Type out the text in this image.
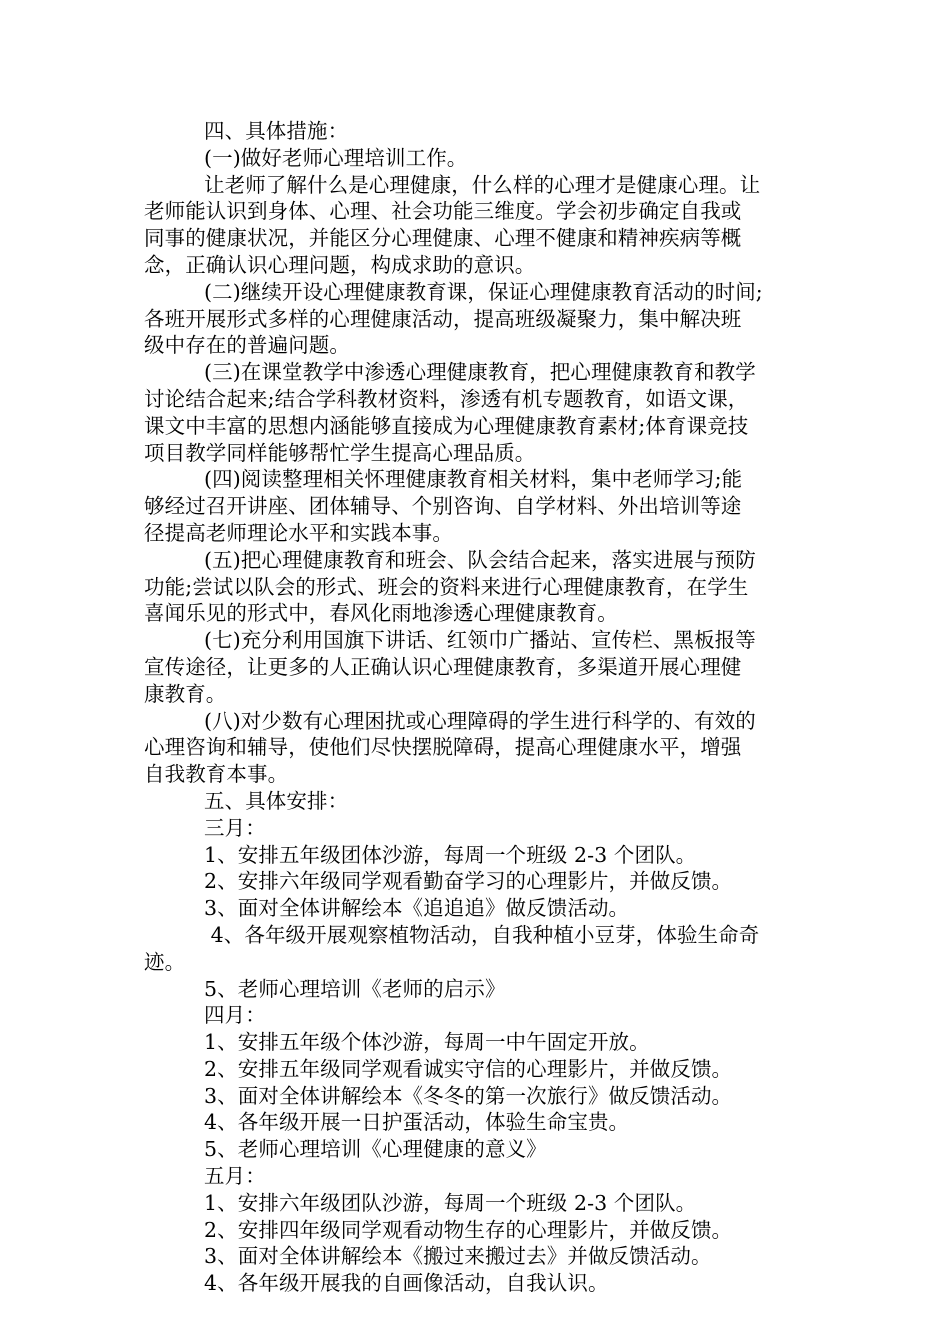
四、具体措施：
(一)做好老师心理培训工作。
让老师了解什么是心理健康，什么样的心理才是健康心理。让
老师能认识到身体、心理、社会功能三维度。学会初步确定自我或
同事的健康状况，并能区分心理健康、心理不健康和精神疾病等概
念，正确认识心理问题，构成求助的意识。
(二)继续开设心理健康教育课，保证心理健康教育活动的时间;
各班开展形式多样的心理健康活动，提高班级凝聚力，集中解决班
级中存在的普遍问题。
(三)在课堂教学中渗透心理健康教育，把心理健康教育和教学
讨论结合起来;结合学科教材资料，渗透有机专题教育，如语文课，
课文中丰富的思想内涵能够直接成为心理健康教育素材;体育课竞技
项目教学同样能够帮忙学生提高心理品质。
(四)阅读整理相关怀理健康教育相关材料，集中老师学习;能
够经过召开讲座、团体辅导、个别咨询、自学材料、外出培训等途
径提高老师理论水平和实践本事。
(五)把心理健康教育和班会、队会结合起来，落实进展与预防
功能;尝试以队会的形式、班会的资料来进行心理健康教育，在学生
喜闻乐见的形式中，春风化雨地渗透心理健康教育。
(七)充分利用国旗下讲话、红领巾广播站、宣传栏、黑板报等
宣传途径，让更多的人正确认识心理健康教育，多渠道开展心理健
康教育。
(八)对少数有心理困扰或心理障碍的学生进行科学的、有效的
心理咨询和辅导，使他们尽快摆脱障碍，提高心理健康水平，增强
自我教育本事。
五、具体安排：
三月：
1、安排五年级团体沙游，每周一个班级 2-3 个团队。
2、安排六年级同学观看勤奋学习的心理影片，并做反馈。
3、面对全体讲解绘本《追追追》做反馈活动。
4、各年级开展观察植物活动，自我种植小豆芽，体验生命奇
迹。
5、老师心理培训《老师的启示》
四月：
1、安排五年级个体沙游，每周一中午固定开放。
2、安排五年级同学观看诚实守信的心理影片，并做反馈。
3、面对全体讲解绘本《冬冬的第一次旅行》做反馈活动。
4、各年级开展一日护蛋活动，体验生命宝贵。
5、老师心理培训《心理健康的意义》
五月：
1、安排六年级团队沙游，每周一个班级 2-3 个团队。
2、安排四年级同学观看动物生存的心理影片，并做反馈。
3、面对全体讲解绘本《搬过来搬过去》并做反馈活动。
4、各年级开展我的自画像活动，自我认识。
